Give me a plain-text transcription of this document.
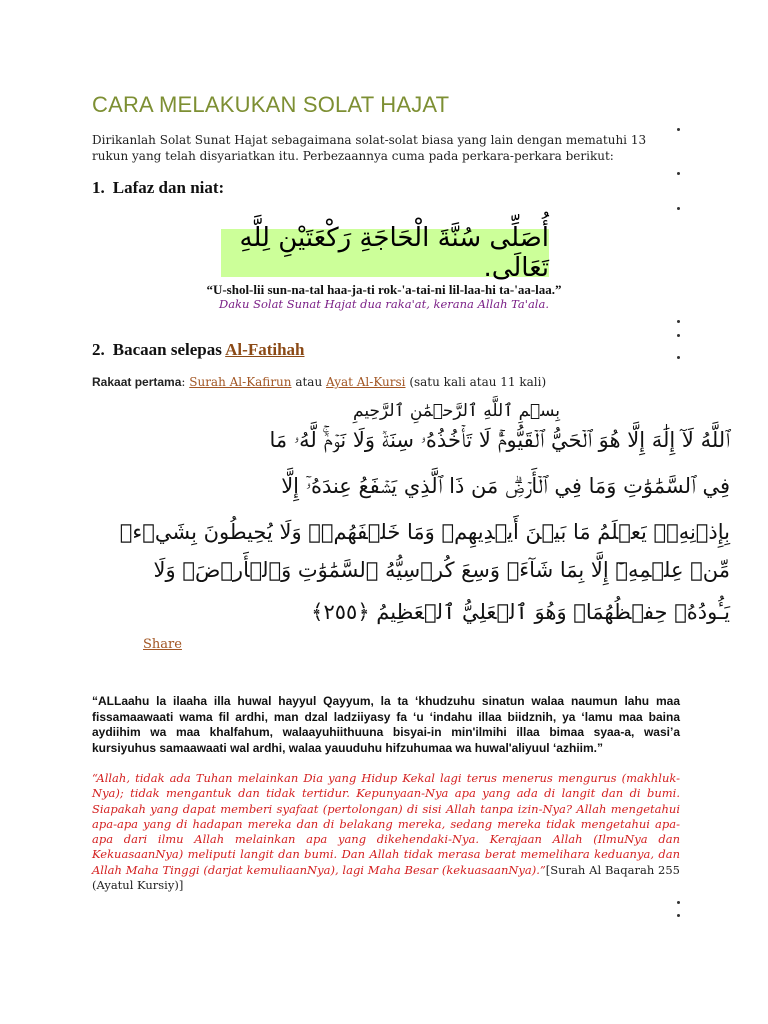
CARA MELAKUKAN SOLAT HAJAT

Dirikanlah Solat Sunat Hajat sebagaimana solat-solat biasa yang lain dengan mematuhi 13 rukun yang telah disyariatkan itu. Perbezaannya cuma pada perkara-perkara berikut:

1. Lafaz dan niat:
أُصَلِّى سُنَّةَ الْحَاجَةِ رَكْعَتَيْنِ لِلَّهِ تَعَالَى.
“U-shol-lii sun-na-tal haa-ja-ti rok-'a-tai-ni lil-laa-hi ta-'aa-laa.”
Daku Solat Sunat Hajat dua raka'at, kerana Allah Ta'ala.
2. Bacaan selepas Al-Fatihah
Rakaat pertama: Surah Al-Kafirun atau Ayat Al-Kursi (satu kali atau 11 kali)
بِسۡمِ ٱللَّهِ ٱلرَّحۡمَٰنِ ٱلرَّحِيمِ
ٱللَّهُ لَآ إِلَٰهَ إِلَّا هُوَ ٱلۡحَيُّ ٱلۡقَيُّومُۚ لَا تَأۡخُذُهُۥ سِنَةٞ وَلَا نَوۡمٞۚ لَّهُۥ مَا
فِي ٱلسَّمَٰوَٰتِ وَمَا فِي ٱلۡأَرۡضِۗ مَن ذَا ٱلَّذِي يَشۡفَعُ عِندَهُۥٓ إِلَّا
بِإِذۡنِهِۦۚ يَعۡلَمُ مَا بَيۡنَ أَيۡدِيهِمۡ وَمَا خَلۡفَهُمۡۖ وَلَا يُحِيطُونَ بِشَيۡءٖ
مِّنۡ عِلۡمِهِۦٓ إِلَّا بِمَا شَآءَۚ وَسِعَ كُرۡسِيُّهُ ٱلسَّمَٰوَٰتِ وَٱلۡأَرۡضَۖ وَلَا
يَـُٔودُهُۥ حِفۡظُهُمَاۚ وَهُوَ ٱلۡعَلِيُّ ٱلۡعَظِيمُ ﴿٢٥٥﴾
Share

“ALLaahu la ilaaha illa huwal hayyul Qayyum, la ta ‘khudzuhu sinatun walaa naumun lahu maa fissamaawaati wama fil ardhi, man dzal ladziiyasy fa ‘u ‘indahu illaa biidznih, ya ‘lamu maa baina aydiihim wa maa khalfahum, walaayuhiithuuna bisyai-in min'ilmihi illaa bimaa syaa-a, wasi’a kursiyuhus samaawaati wal ardhi, walaa yauuduhu hifzuhumaa wa huwal'aliyuul ‘azhiim.”

“Allah, tidak ada Tuhan melainkan Dia yang Hidup Kekal lagi terus menerus mengurus (makhluk-Nya); tidak mengantuk dan tidak tertidur. Kepunyaan-Nya apa yang ada di langit dan di bumi. Siapakah yang dapat memberi syafaat (pertolongan) di sisi Allah tanpa izin-Nya? Allah mengetahui apa-apa yang di hadapan mereka dan di belakang mereka, sedang mereka tidak mengetahui apa-apa dari ilmu Allah melainkan apa yang dikehendaki-Nya. Kerajaan Allah (IlmuNya dan KekuasaanNya) meliputi langit dan bumi. Dan Allah tidak merasa berat memelihara keduanya, dan Allah Maha Tinggi (darjat kemuliaanNya), lagi Maha Besar (kekuasaanNya).”[Surah Al Baqarah 255 (Ayatul Kursiy)]
